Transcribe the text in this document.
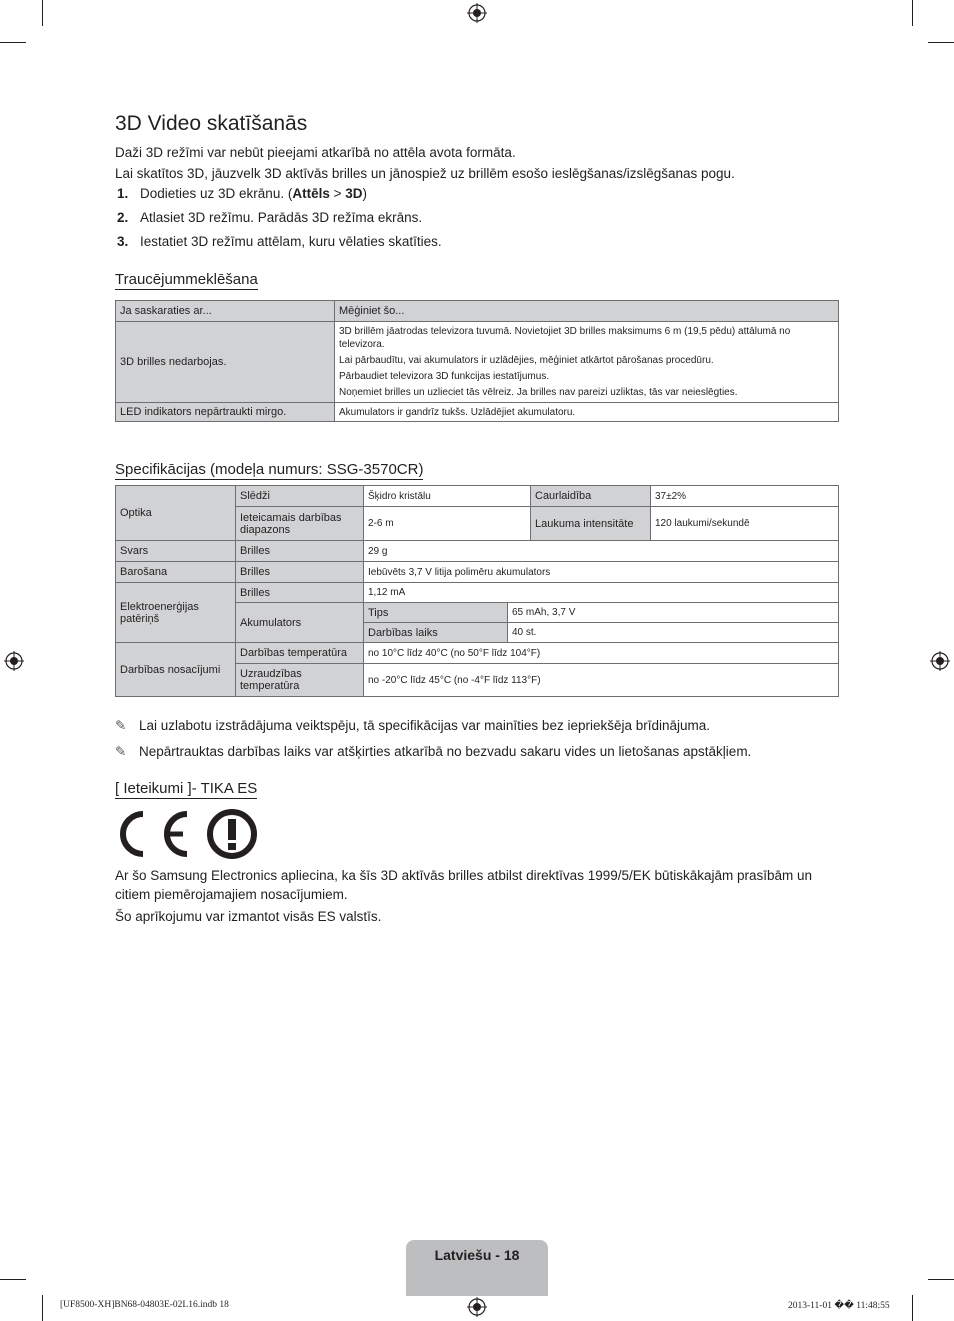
3D Video skatīšanās

Daži 3D režīmi var nebūt pieejami atkarībā no attēla avota formāta.

Lai skatītos 3D, jāuzvelk 3D aktīvās brilles un jānospiež uz brillēm esošo ieslēgšanas/izslēgšanas pogu.

1. Dodieties uz 3D ekrānu. (Attēls > 3D)
2. Atlasiet 3D režīmu. Parādās 3D režīma ekrāns.
3. Iestatiet 3D režīmu attēlam, kuru vēlaties skatīties.
Traucējummeklēšana
Ja saskaraties ar...	Mēģiniet šo...
3D brilles nedarbojas.	3D brillēm jāatrodas televizora tuvumā. Novietojiet 3D brilles maksimums 6 m (19,5 pēdu) attālumā no televizora.
Lai pārbaudītu, vai akumulators ir uzlādējies, mēģiniet atkārtot pārošanas procedūru.
Pārbaudiet televizora 3D funkcijas iestatījumus.
Noņemiet brilles un uzlieciet tās vēlreiz. Ja brilles nav pareizi uzliktas, tās var neieslēgties.

LED indikators nepārtraukti mirgo.	Akumulators ir gandrīz tukšs. Uzlādējiet akumulatoru.
Specifikācijas (modeļa numurs: SSG-3570CR)
Optika	Slēdži	Šķidro kristālu		Caurlaidība	37±2%
	Ieteicamais darbības diapazons	2-6 m		Laukuma intensitāte	120 laukumi/sekundē
Svars	Brilles	29 g			
Barošana	Brilles	Iebūvēts 3,7 V litija polimēru akumulators			
Elektroenerģijas patēriņš	Brilles	1,12 mA			
	Akumulators	Tips	65 mAh, 3,7 V		
		Darbības laiks	40 st.		
Darbības nosacījumi	Darbības temperatūra	no 10°C līdz 40°C (no 50°F līdz 104°F)			
	Uzraudzības temperatūra	no -20°C līdz 45°C (no -4°F līdz 113°F)			
✎ Lai uzlabotu izstrādājuma veiktspēju, tā specifikācijas var mainīties bez iepriekšēja brīdinājuma.
✎ Nepārtrauktas darbības laiks var atšķirties atkarībā no bezvadu sakaru vides un lietošanas apstākļiem.
[ Ieteikumi ]- TIKA ES

Ar šo Samsung Electronics apliecina, ka šīs 3D aktīvās brilles atbilst direktīvas 1999/5/EK būtiskākajām prasībām un citiem piemērojamajiem nosacījumiem.

Šo aprīkojumu var izmantot visās ES valstīs.

Latviešu - 18
[UF8500-XH]BN68-04803E-02L16.indb 18	2013-11-01 �� 11:48:55
